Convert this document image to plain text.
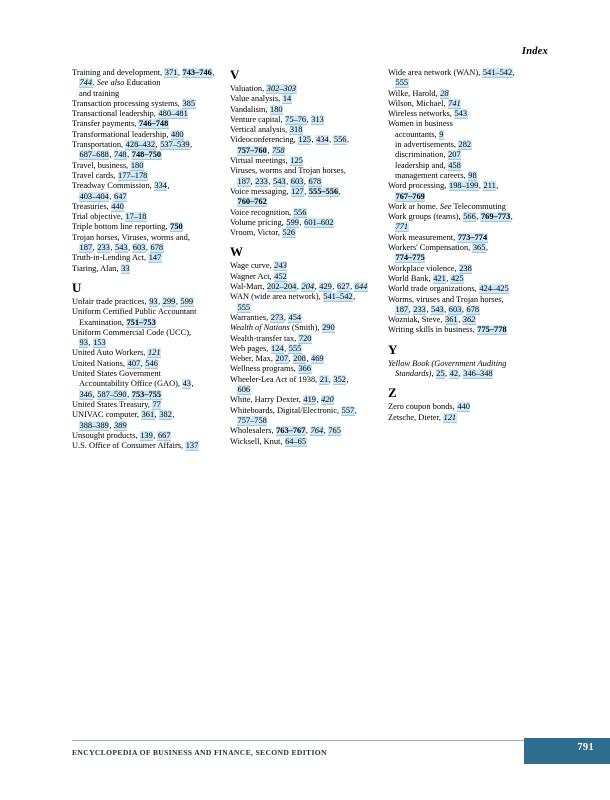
Index
Training and development, 371, 743–746, 744. See also Education
and training
Transaction processing systems, 385
Transactional leadership, 480–481
Transfer payments, 746–748
Transformational leadership, 480
Transportation, 428–432, 537–539,
687–688, 748, 748–750
Travel, business, 180
Travel cards, 177–178
Treadway Commission, 334,
403–404, 647
Treasuries, 440
Trial objective, 17–18
Triple bottom line reporting, 750
Trojan horses, Viruses, worms and,
187, 233, 543, 603, 678
Truth-in-Lending Act, 147
Tiaring, Alan, 33
U
Unfair trade practices, 93, 299, 599
Uniform Certified Public Accountant
Examination, 751–753
Uniform Commercial Code (UCC),
93, 153
United Auto Workers, 121
United Nations, 407, 546
United States Government
Accountability Office (GAO), 43,
346, 587–590, 753–755
United States Treasury, 77
UNIVAC computer, 361, 382,
388–389, 389
Unsought products, 139, 667
U.S. Office of Consumer Affairs, 137
V
Valuation, 302–303
Value analysis, 14
Vandalism, 180
Venture capital, 75–76, 313
Vertical analysis, 318
Videoconferencing, 125, 434, 556,
757–760, 758
Virtual meetings, 125
Viruses, worms and Trojan horses,
187, 233, 543, 603, 678
Voice messaging, 127, 555–556,
760–762
Voice recognition, 556
Volume pricing, 599, 601–602
Vroom, Victor, 526
W
Wage curve, 243
Wagner Act, 452
Wal-Mart, 202–204, 204, 429, 627, 644
WAN (wide area network), 541–542,
555
Warranties, 273, 454
Wealth of Nations (Smith), 290
Wealth-transfer tax, 720
Web pages, 124, 555
Weber, Max, 207, 208, 469
Wellness programs, 366
Wheeler-Lea Act of 1938, 21, 352,
606
White, Harry Dexter, 419, 420
Whiteboards, Digital/Electronic, 557,
757–758
Wholesalers, 763–767, 764, 765
Wicksell, Knut, 64–65
Wide area network (WAN), 541–542,
555
Wilke, Harold, 28
Wilson, Michael, 741
Wireless networks, 543
Women in business
accountants, 9
in advertisements, 282
discrimination, 207
leadership and, 458
management careers, 98
Word processing, 198–199, 211,
767–769
Work ar home. See Telecommuting
Work groups (teams), 566, 769–773,
771
Work measurement, 773–774
Workers' Compensation, 365,
774–775
Workplace violence, 238
World Bank, 421, 425
World trade organizations, 424–425
Worms, viruses and Trojan horses,
187, 233, 543, 603, 678
Wozniak, Steve, 361, 362
Writing skills in business, 775–778
Y
Yellow Book (Government Auditing
Standards), 25, 42, 346–348
Z
Zero coupon bonds, 440
Zetsche, Dieter, 121
ENCYCLOPEDIA OF BUSINESS AND FINANCE, SECOND EDITION	791
